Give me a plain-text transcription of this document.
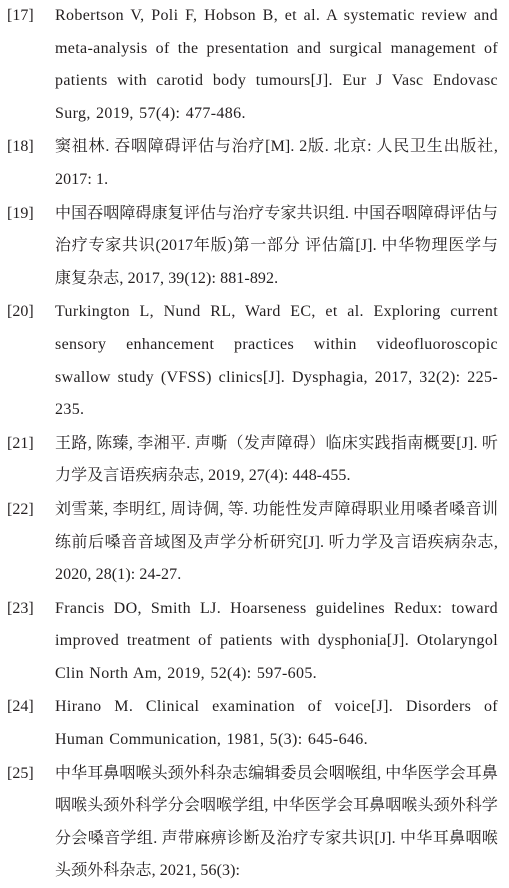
[17] Robertson V, Poli F, Hobson B, et al. A systematic review and meta-analysis of the presentation and surgical management of patients with carotid body tumours[J]. Eur J Vasc Endovasc Surg, 2019, 57(4): 477-486.
[18] 窦祖林. 吞咽障碍评估与治疗[M]. 2版. 北京: 人民卫生出版社, 2017: 1.
[19] 中国吞咽障碍康复评估与治疗专家共识组. 中国吞咽障碍评估与治疗专家共识(2017年版)第一部分 评估篇[J]. 中华物理医学与康复杂志, 2017, 39(12): 881-892.
[20] Turkington L, Nund RL, Ward EC, et al. Exploring current sensory enhancement practices within videofluoroscopic swallow study (VFSS) clinics[J]. Dysphagia, 2017, 32(2): 225-235.
[21] 王路, 陈臻, 李湘平. 声嘶（发声障碍）临床实践指南概要[J]. 听力学及言语疾病杂志, 2019, 27(4): 448-455.
[22] 刘雪莱, 李明红, 周诗倜, 等. 功能性发声障碍职业用嗓者嗓音训练前后嗓音音域图及声学分析研究[J]. 听力学及言语疾病杂志, 2020, 28(1): 24-27.
[23] Francis DO, Smith LJ. Hoarseness guidelines Redux: toward improved treatment of patients with dysphonia[J]. Otolaryngol Clin North Am, 2019, 52(4): 597-605.
[24] Hirano M. Clinical examination of voice[J]. Disorders of Human Communication, 1981, 5(3): 645-646.
[25] 中华耳鼻咽喉头颈外科杂志编辑委员会咽喉组, 中华医学会耳鼻咽喉头颈外科学分会咽喉学组, 中华医学会耳鼻咽喉头颈外科学分会嗓音学组. 声带麻痹诊断及治疗专家共识[J]. 中华耳鼻咽喉头颈外科杂志, 2021, 56(3):
